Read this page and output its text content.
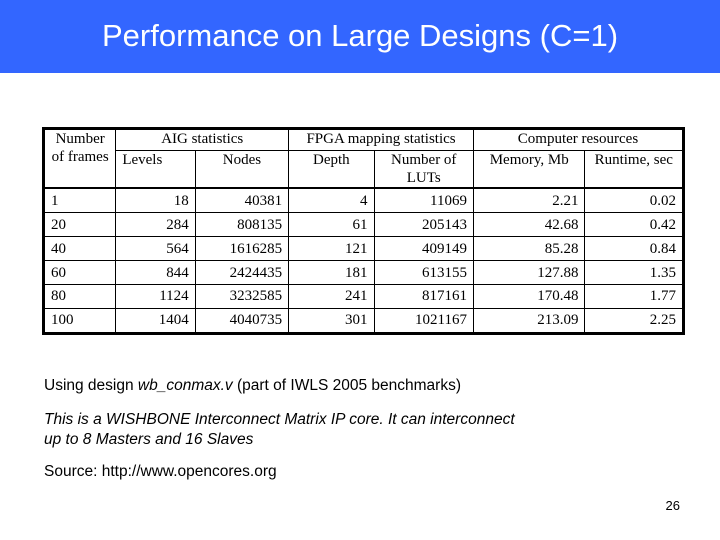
Performance on Large Designs (C=1)
Number of frames	AIG statistics		FPGA mapping statistics		Computer resources	
	Levels	Nodes	Depth	Number of LUTs	Memory, Mb	Runtime, sec
1	18	40381	4	11069	2.21	0.02
20	284	808135	61	205143	42.68	0.42
40	564	1616285	121	409149	85.28	0.84
60	844	2424435	181	613155	127.88	1.35
80	1124	3232585	241	817161	170.48	1.77
100	1404	4040735	301	1021167	213.09	2.25
Using design wb_conmax.v (part of IWLS 2005 benchmarks)
This is a WISHBONE Interconnect Matrix IP core. It can interconnect up to 8 Masters and 16 Slaves
Source: http://www.opencores.org
26
